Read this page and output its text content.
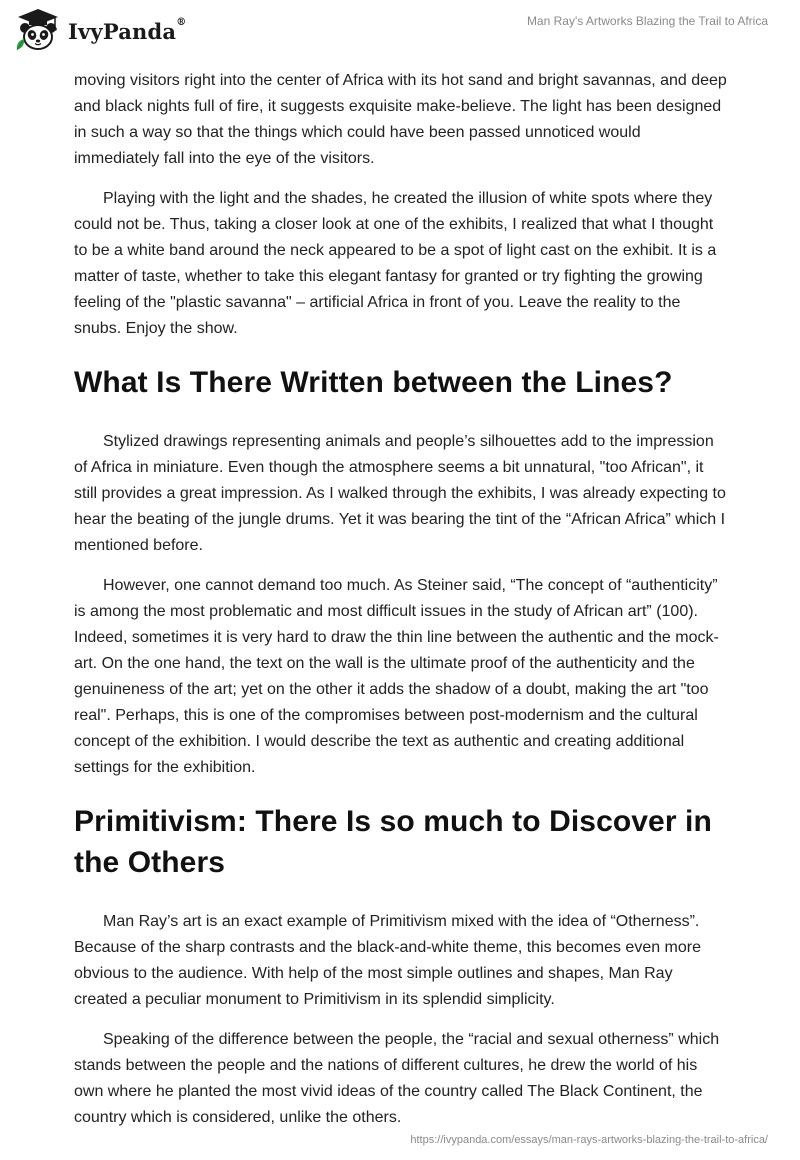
IvyPanda®	Man Ray's Artworks Blazing the Trail to Africa

moving visitors right into the center of Africa with its hot sand and bright savannas, and deep and black nights full of fire, it suggests exquisite make-believe. The light has been designed in such a way so that the things which could have been passed unnoticed would immediately fall into the eye of the visitors.

Playing with the light and the shades, he created the illusion of white spots where they could not be. Thus, taking a closer look at one of the exhibits, I realized that what I thought to be a white band around the neck appeared to be a spot of light cast on the exhibit. It is a matter of taste, whether to take this elegant fantasy for granted or try fighting the growing feeling of the "plastic savanna" – artificial Africa in front of you. Leave the reality to the snubs. Enjoy the show.

What Is There Written between the Lines?

Stylized drawings representing animals and people’s silhouettes add to the impression of Africa in miniature. Even though the atmosphere seems a bit unnatural, "too African", it still provides a great impression. As I walked through the exhibits, I was already expecting to hear the beating of the jungle drums. Yet it was bearing the tint of the “African Africa” which I mentioned before.

However, one cannot demand too much. As Steiner said, “The concept of “authenticity” is among the most problematic and most difficult issues in the study of African art” (100). Indeed, sometimes it is very hard to draw the thin line between the authentic and the mock-art. On the one hand, the text on the wall is the ultimate proof of the authenticity and the genuineness of the art; yet on the other it adds the shadow of a doubt, making the art "too real". Perhaps, this is one of the compromises between post-modernism and the cultural concept of the exhibition. I would describe the text as authentic and creating additional settings for the exhibition.

Primitivism: There Is so much to Discover in the Others

Man Ray’s art is an exact example of Primitivism mixed with the idea of “Otherness”. Because of the sharp contrasts and the black-and-white theme, this becomes even more obvious to the audience. With help of the most simple outlines and shapes, Man Ray created a peculiar monument to Primitivism in its splendid simplicity.

Speaking of the difference between the people, the “racial and sexual otherness” which stands between the people and the nations of different cultures, he drew the world of his own where he planted the most vivid ideas of the country called The Black Continent, the country which is considered, unlike the others.

https://ivypanda.com/essays/man-rays-artworks-blazing-the-trail-to-africa/
